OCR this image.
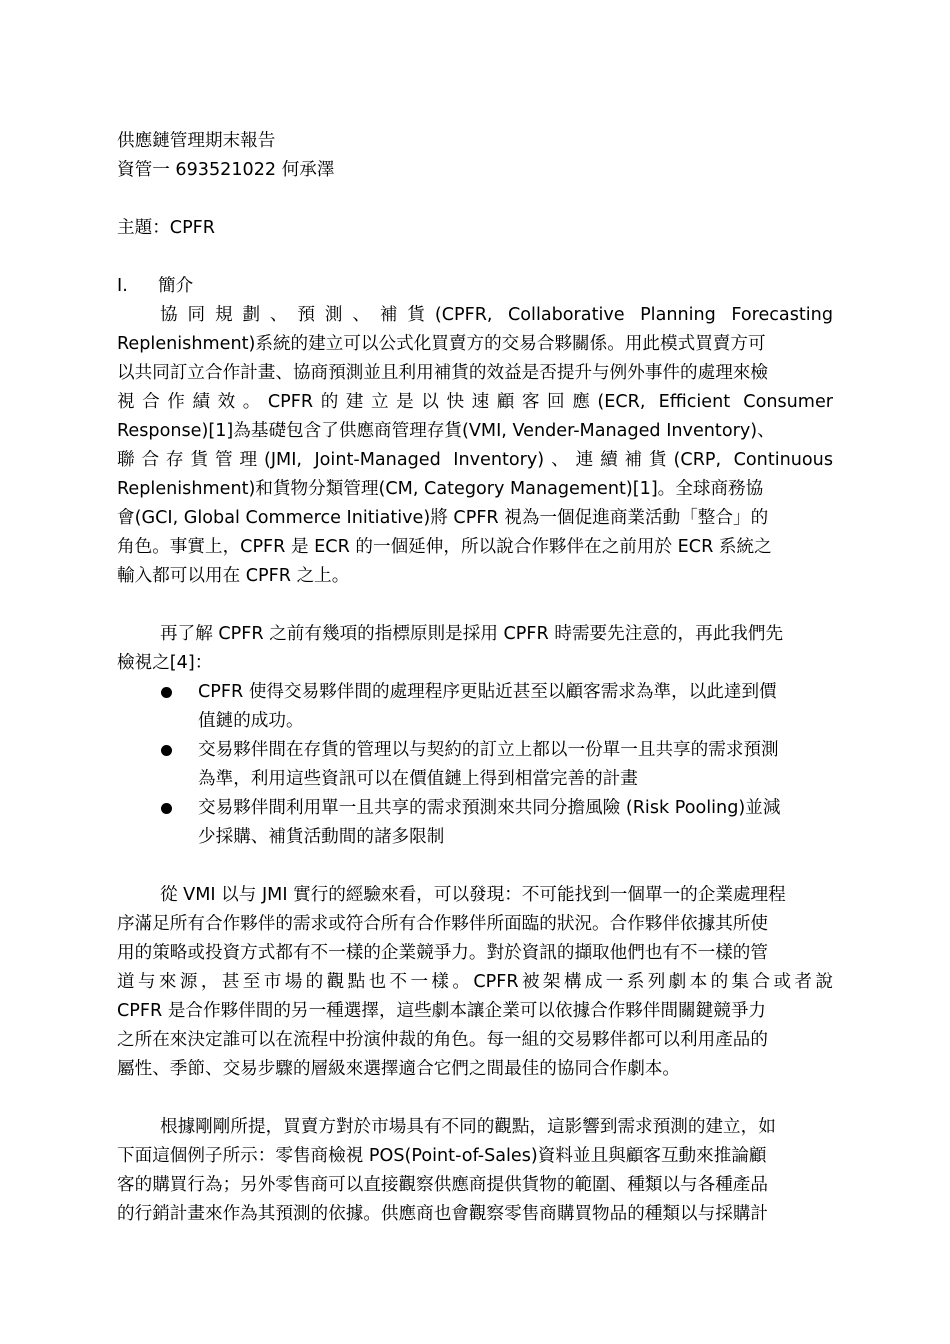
供應鏈管理期末報告
資管一 693521022 何承澤
主題：CPFR
I. 簡介
協同規劃、預測、補貨(CPFR, Collaborative Planning Forecasting
Replenishment)系統的建立可以公式化買賣方的交易合夥關係。用此模式買賣方可
以共同訂立合作計畫、協商預測並且利用補貨的效益是否提升与例外事件的處理來檢
視合作績效。CPFR的建立是以快速顧客回應(ECR, Efficient Consumer
Response)[1]為基礎包含了供應商管理存貨(VMI, Vender-Managed Inventory)、
聯合存貨管理(JMI, Joint-Managed Inventory)、連續補貨(CRP, Continuous
Replenishment)和貨物分類管理(CM, Category Management)[1]。全球商務協
會(GCI, Global Commerce Initiative)將 CPFR 視為一個促進商業活動「整合」的
角色。事實上，CPFR 是 ECR 的一個延伸，所以說合作夥伴在之前用於 ECR 系統之
輸入都可以用在 CPFR 之上。
再了解 CPFR 之前有幾項的指標原則是採用 CPFR 時需要先注意的，再此我們先
檢視之[4]：
CPFR 使得交易夥伴間的處理程序更貼近甚至以顧客需求為準，以此達到價
值鏈的成功。
交易夥伴間在存貨的管理以与契約的訂立上都以一份單一且共享的需求預測
為準，利用這些資訊可以在價值鏈上得到相當完善的計畫
交易夥伴間利用單一且共享的需求預測來共同分擔風險 (Risk Pooling)並減
少採購、補貨活動間的諸多限制
從 VMI 以与 JMI 實行的經驗來看，可以發現：不可能找到一個單一的企業處理程
序滿足所有合作夥伴的需求或符合所有合作夥伴所面臨的狀況。合作夥伴依據其所使
用的策略或投資方式都有不一樣的企業競爭力。對於資訊的擷取他們也有不一樣的管
道与來源，甚至市場的觀點也不一樣。CPFR被架構成一系列劇本的集合或者說
CPFR 是合作夥伴間的另一種選擇，這些劇本讓企業可以依據合作夥伴間關鍵競爭力
之所在來決定誰可以在流程中扮演仲裁的角色。每一組的交易夥伴都可以利用產品的
屬性、季節、交易步驟的層級來選擇適合它們之間最佳的協同合作劇本。
根據剛剛所提，買賣方對於市場具有不同的觀點，這影響到需求預測的建立，如
下面這個例子所示：零售商檢視 POS(Point-of-Sales)資料並且與顧客互動來推論顧
客的購買行為；另外零售商可以直接觀察供應商提供貨物的範圍、種類以与各種產品
的行銷計畫來作為其預測的依據。供應商也會觀察零售商購買物品的種類以与採購計
